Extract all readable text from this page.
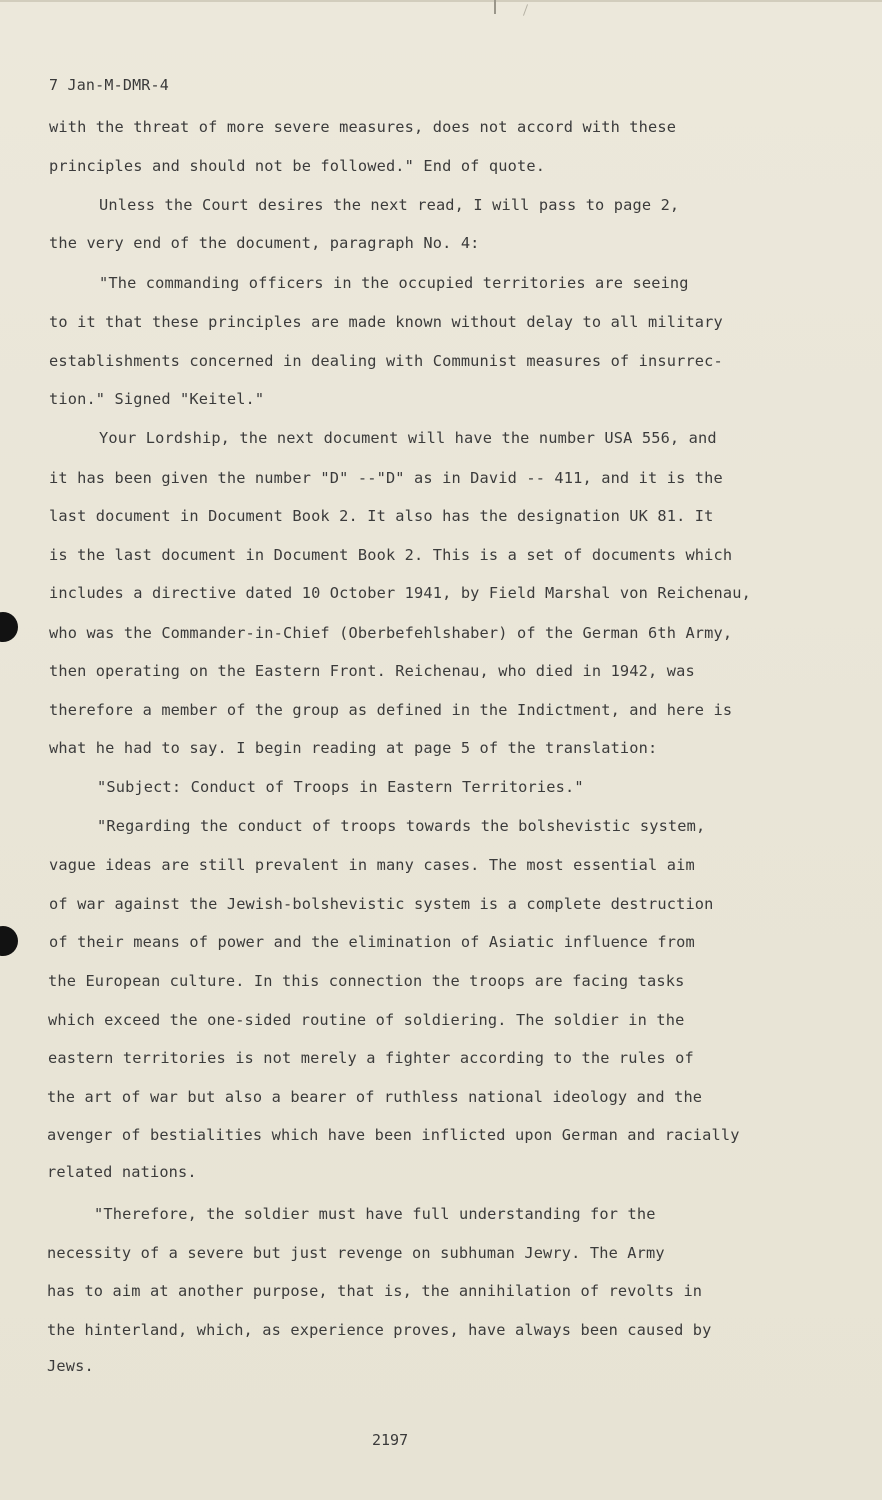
7 Jan-M-DMR-4

with the threat of more severe measures, does not accord with these

principles and should not be followed." End of quote.

Unless the Court desires the next read, I will pass to page 2,

the very end of the document, paragraph No. 4:

"The commanding officers in the occupied territories are seeing

to it that these principles are made known without delay to all military

establishments concerned in dealing with Communist measures of insurrec-

tion." Signed "Keitel."

Your Lordship, the next document will have the number USA 556, and

it has been given the number "D" --"D" as in David -- 411, and it is the

last document in Document Book 2. It also has the designation UK 81. It

is the last document in Document Book 2. This is a set of documents which

includes a directive dated 10 October 1941, by Field Marshal von Reichenau,

who was the Commander-in-Chief (Oberbefehlshaber) of the German 6th Army,

then operating on the Eastern Front. Reichenau, who died in 1942, was

therefore a member of the group as defined in the Indictment, and here is

what he had to say. I begin reading at page 5 of the translation:

"Subject: Conduct of Troops in Eastern Territories."

"Regarding the conduct of troops towards the bolshevistic system,

vague ideas are still prevalent in many cases. The most essential aim

of war against the Jewish-bolshevistic system is a complete destruction

of their means of power and the elimination of Asiatic influence from

the European culture. In this connection the troops are facing tasks

which exceed the one-sided routine of soldiering. The soldier in the

eastern territories is not merely a fighter according to the rules of

the art of war but also a bearer of ruthless national ideology and the

avenger of bestialities which have been inflicted upon German and racially

related nations.

"Therefore, the soldier must have full understanding for the

necessity of a severe but just revenge on subhuman Jewry. The Army

has to aim at another purpose, that is, the annihilation of revolts in

the hinterland, which, as experience proves, have always been caused by

Jews.

2197
